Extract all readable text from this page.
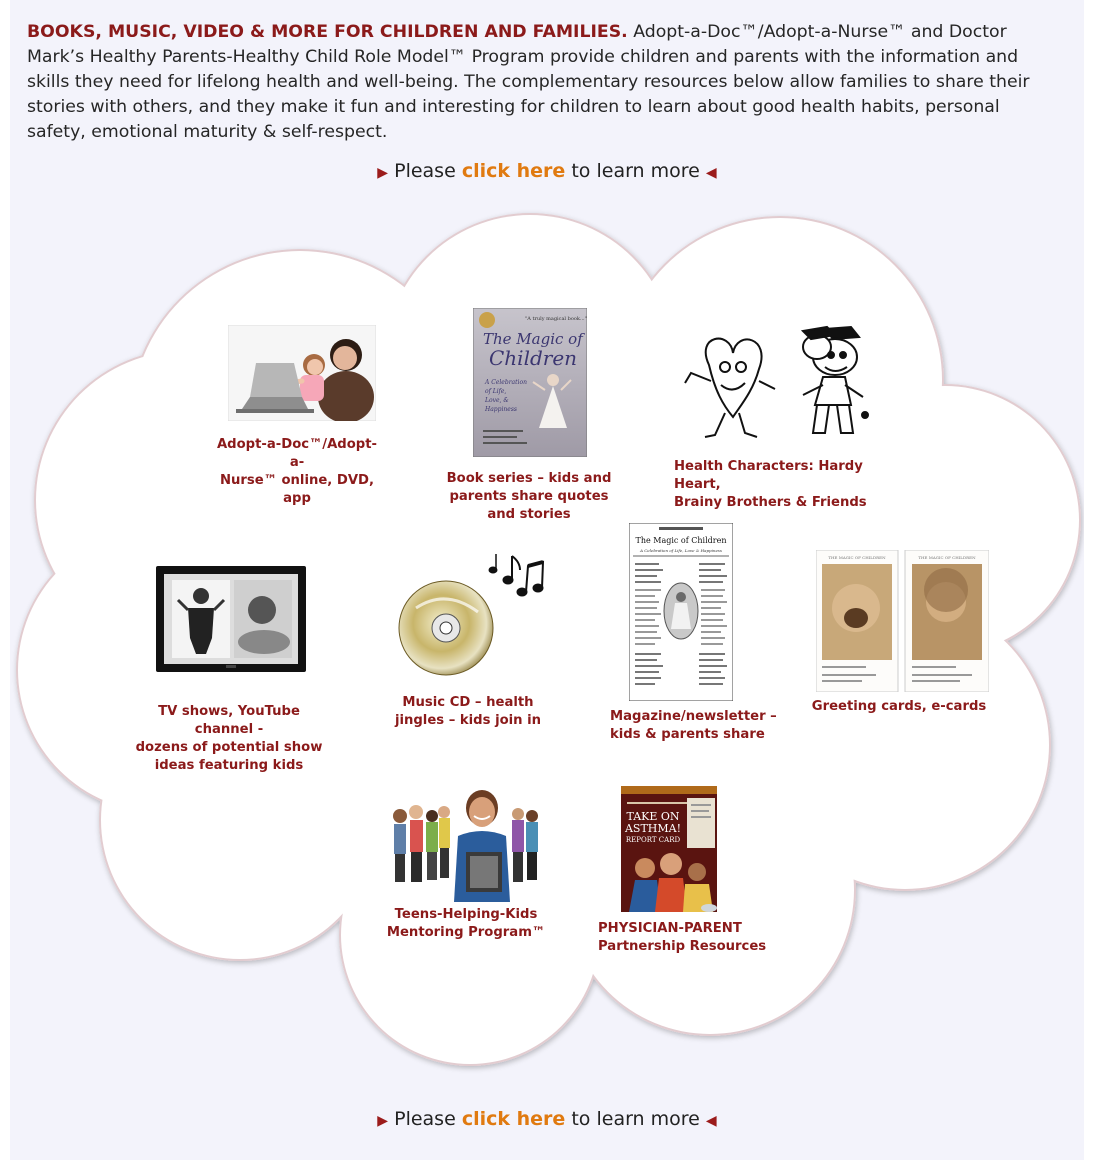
BOOKS, MUSIC, VIDEO & MORE FOR CHILDREN AND FAMILIES. Adopt-a-Doc™/Adopt-a-Nurse™ and Doctor Mark’s Healthy Parents-Healthy Child Role Model™ Program provide children and parents with the information and skills they need for lifelong health and well-being. The complementary resources below allow families to share their stories with others, and they make it fun and interesting for children to learn about good health habits, personal safety, emotional maturity & self-respect.
▶ Please click here to learn more ◀
Adopt-a-Doc™/Adopt-a-
Nurse™ online, DVD, app
"A truly magical book..."
The Magic of
Children
A Celebration
of Life,
Love, &
Happiness
Book series – kids and
parents share quotes
and stories
Health Characters: Hardy Heart,
Brainy Brothers & Friends
TV shows, YouTube channel -
dozens of potential show
ideas featuring kids
Music CD – health
jingles – kids join in
The Magic of Children
A Celebration of Life, Love & Happiness
Magazine/newsletter –
kids & parents share
THE MAGIC OF CHILDREN	THE MAGIC OF CHILDREN
Greeting cards, e-cards
Teens-Helping-Kids
Mentoring Program™
TAKE ON
ASTHMA!
REPORT CARD
PHYSICIAN-PARENT
Partnership Resources
▶ Please click here to learn more ◀
